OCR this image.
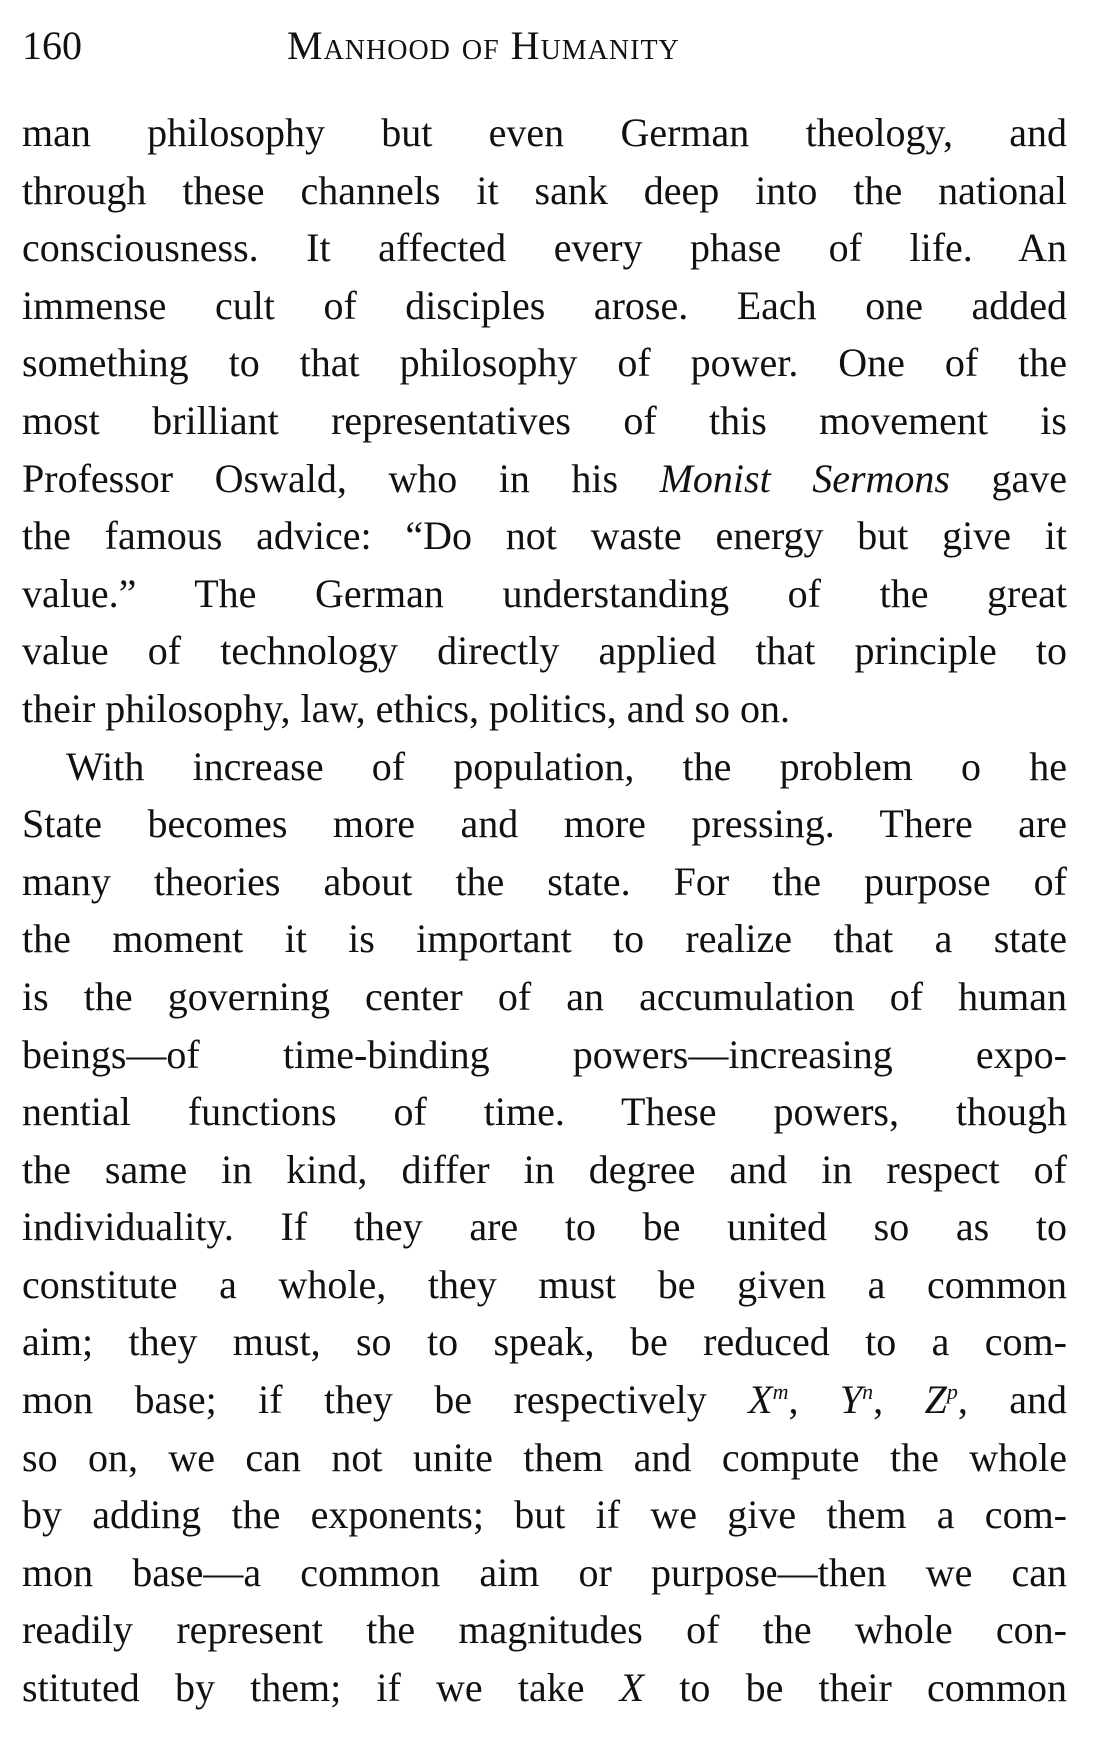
160	Manhood of Humanity
man philosophy but even German theology, and
through these channels it sank deep into the national
consciousness. It affected every phase of life. An
immense cult of disciples arose. Each one added
something to that philosophy of power. One of the
most brilliant representatives of this movement is
Professor Oswald, who in his Monist Sermons gave
the famous advice: “Do not waste energy but give it
value.” The German understanding of the great
value of technology directly applied that principle to
their philosophy, law, ethics, politics, and so on.
With increase of population, the problem o he
State becomes more and more pressing. There are
many theories about the state. For the purpose of
the moment it is important to realize that a state
is the governing center of an accumulation of human
beings—of time-binding powers—increasing expo-
nential functions of time. These powers, though
the same in kind, differ in degree and in respect of
individuality. If they are to be united so as to
constitute a whole, they must be given a common
aim; they must, so to speak, be reduced to a com-
mon base; if they be respectively $X^m$, $Y^n$, $Z^p$, and
so on, we can not unite them and compute the whole
by adding the exponents; but if we give them a com-
mon base—a common aim or purpose—then we can
readily represent the magnitudes of the whole con-
stituted by them; if we take X to be their common
